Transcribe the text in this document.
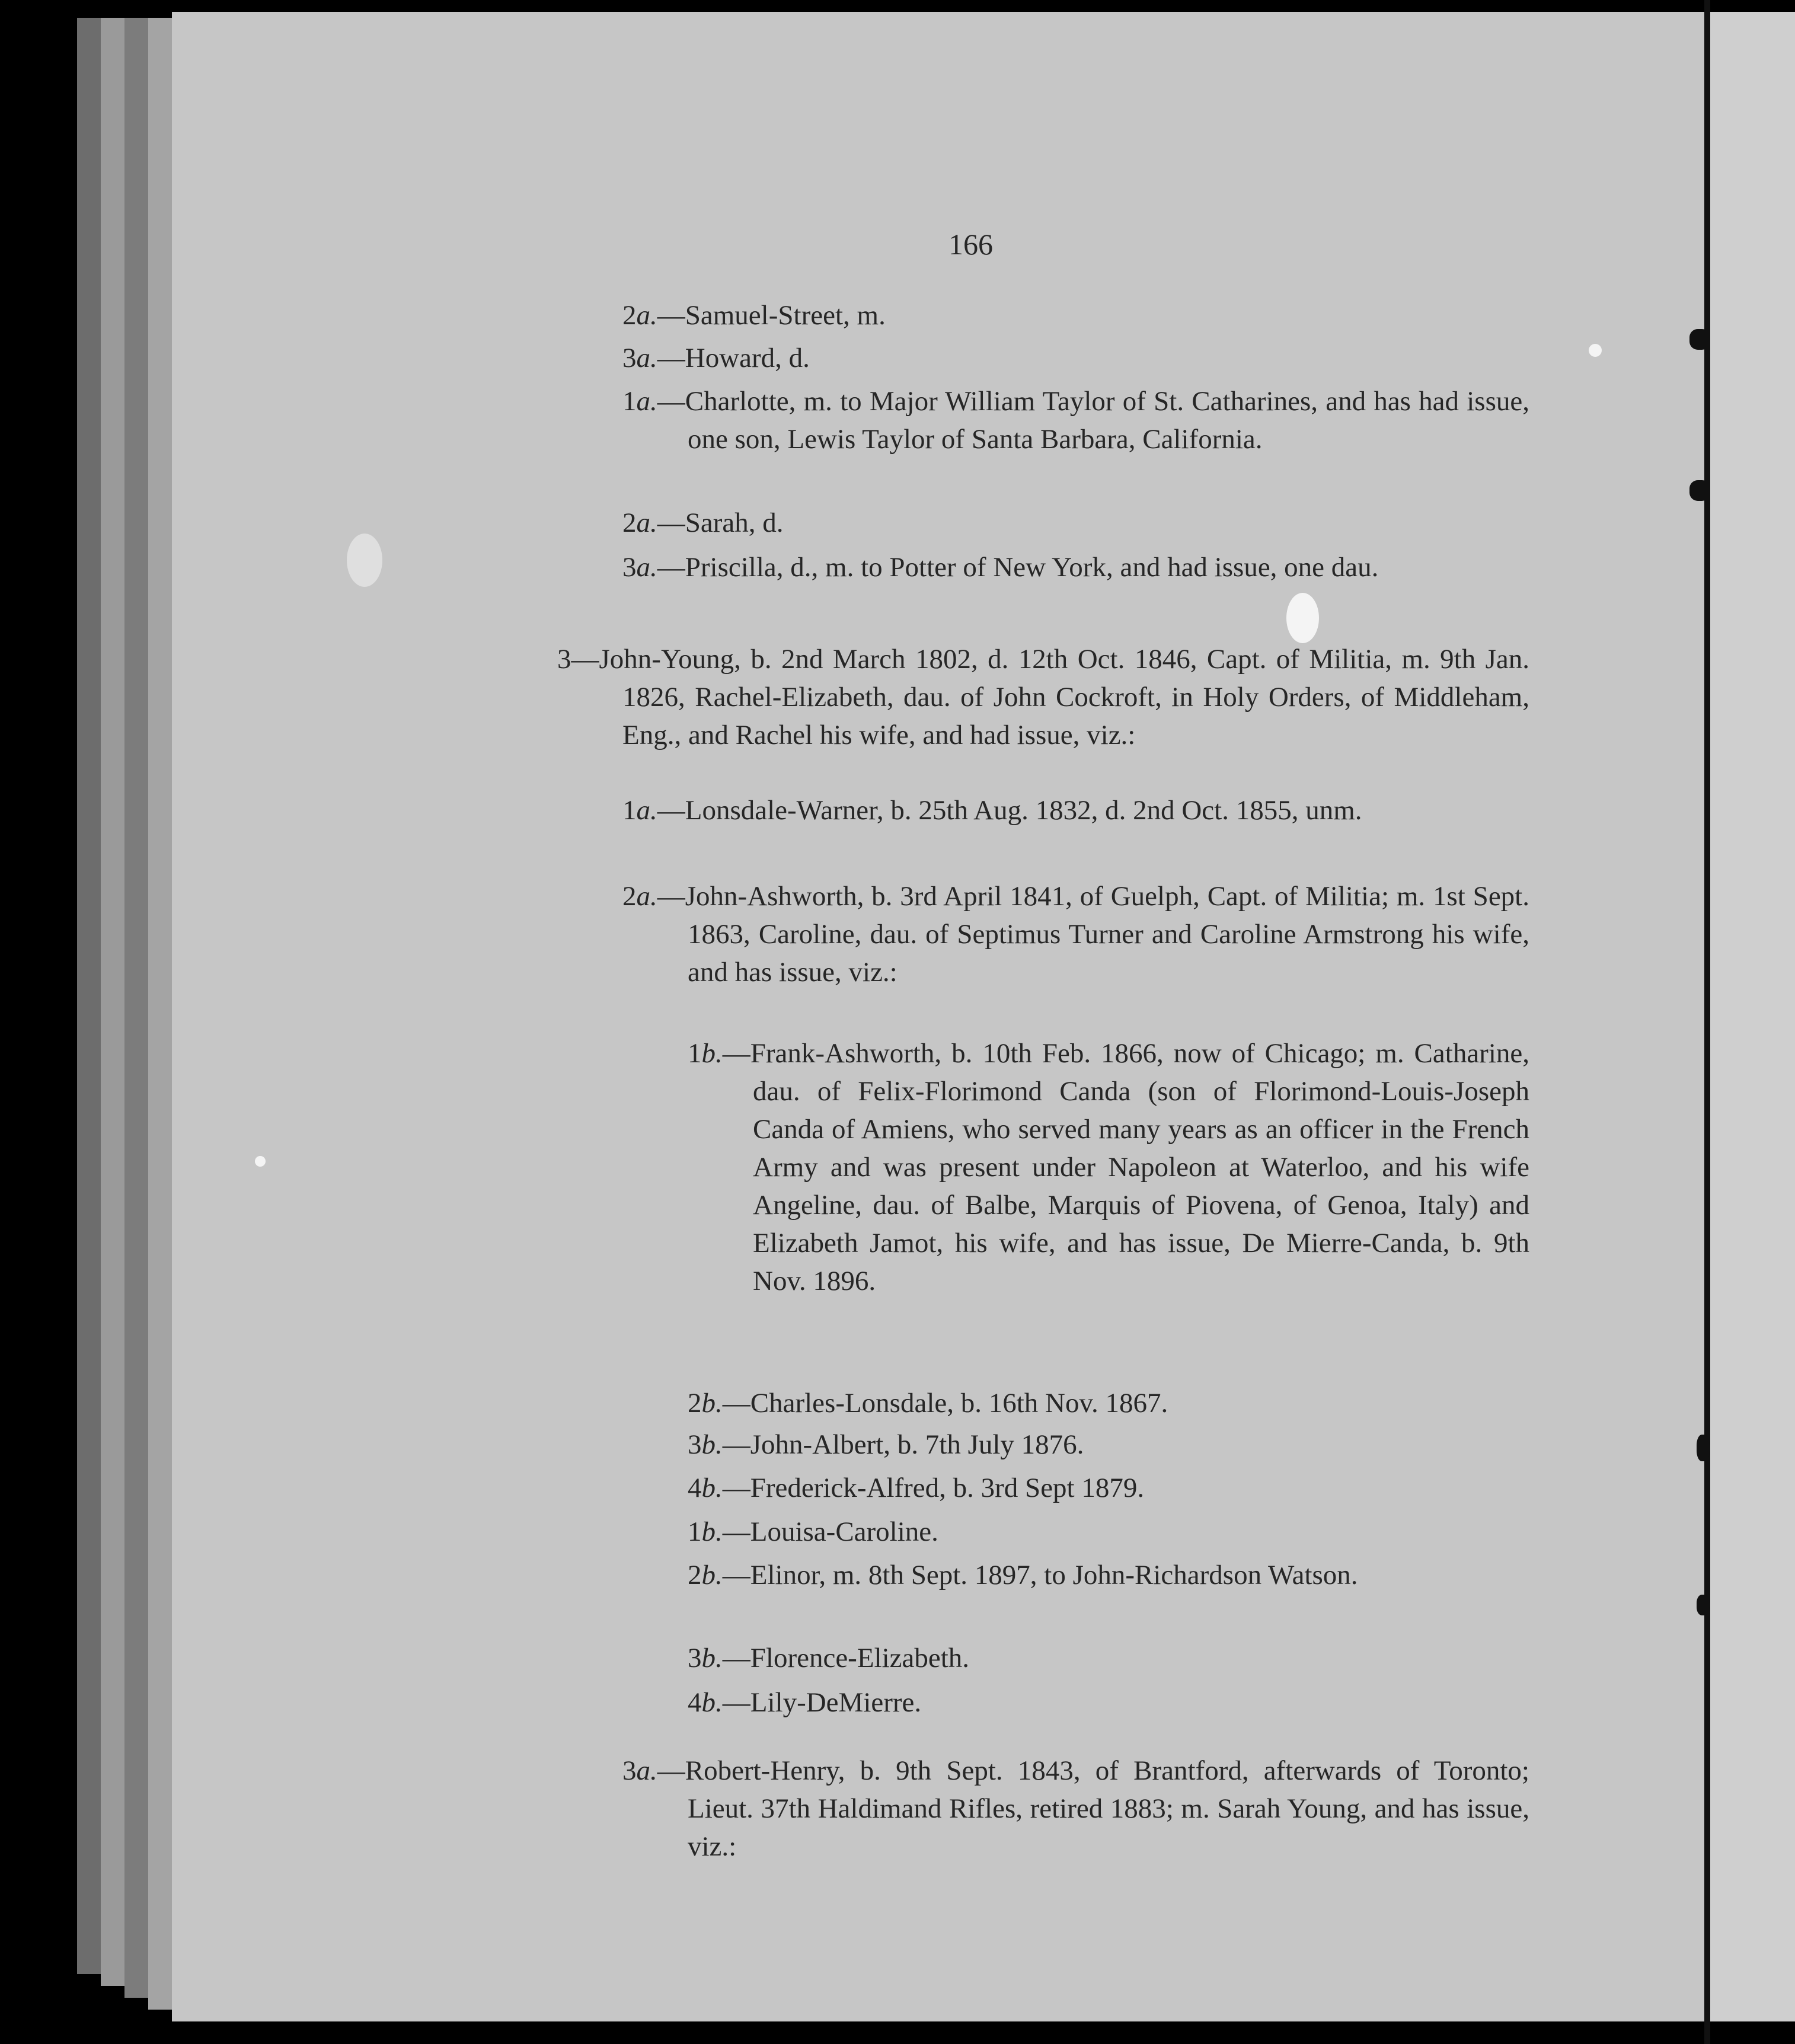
166

2a.—Samuel-Street, m.

3a.—Howard, d.

1a.—Charlotte, m. to Major William Taylor of St. Catharines, and has had issue, one son, Lewis Taylor of Santa Barbara, California.

2a.—Sarah, d.

3a.—Priscilla, d., m. to Potter of New York, and had issue, one dau.

3—John-Young, b. 2nd March 1802, d. 12th Oct. 1846, Capt. of Militia, m. 9th Jan. 1826, Rachel-Elizabeth, dau. of John Cockroft, in Holy Orders, of Middleham, Eng., and Rachel his wife, and had issue, viz.:

1a.—Lonsdale-Warner, b. 25th Aug. 1832, d. 2nd Oct. 1855, unm.

2a.—John-Ashworth, b. 3rd April 1841, of Guelph, Capt. of Militia; m. 1st Sept. 1863, Caroline, dau. of Septimus Turner and Caroline Armstrong his wife, and has issue, viz.:

1b.—Frank-Ashworth, b. 10th Feb. 1866, now of Chicago; m. Catharine, dau. of Felix-Florimond Canda (son of Florimond-Louis-Joseph Canda of Amiens, who served many years as an officer in the French Army and was present under Napoleon at Waterloo, and his wife Angeline, dau. of Balbe, Marquis of Piovena, of Genoa, Italy) and Elizabeth Jamot, his wife, and has issue, De Mierre-Canda, b. 9th Nov. 1896.

2b.—Charles-Lonsdale, b. 16th Nov. 1867.

3b.—John-Albert, b. 7th July 1876.

4b.—Frederick-Alfred, b. 3rd Sept 1879.

1b.—Louisa-Caroline.

2b.—Elinor, m. 8th Sept. 1897, to John-Richardson Watson.

3b.—Florence-Elizabeth.

4b.—Lily-DeMierre.

3a.—Robert-Henry, b. 9th Sept. 1843, of Brantford, afterwards of Toronto; Lieut. 37th Haldimand Rifles, retired 1883; m. Sarah Young, and has issue, viz.:
